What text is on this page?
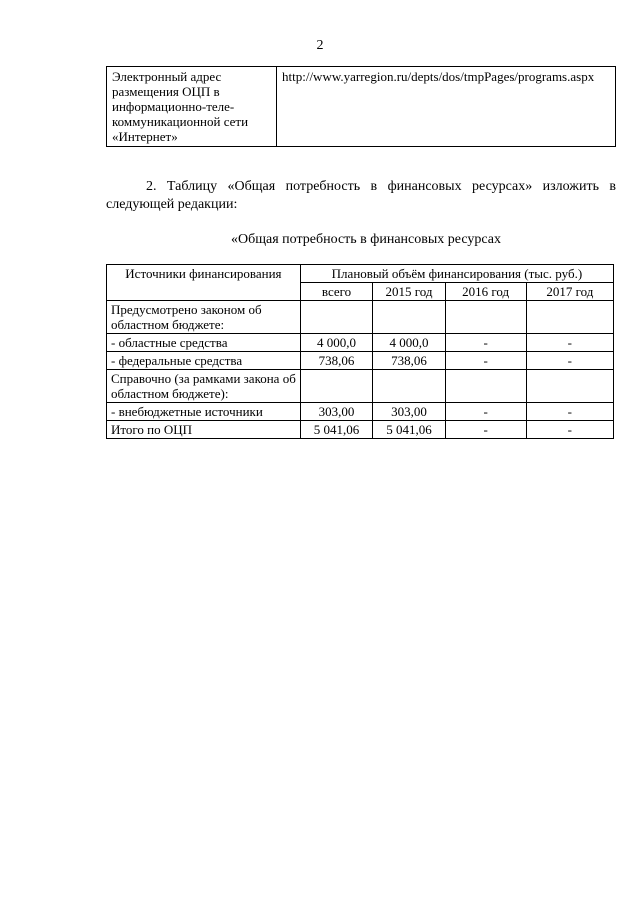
2
Электронный адрес размещения ОЦП в информационно-теле-коммуникационной сети «Интернет»	http://www.yarregion.ru/depts/dos/tmpPages/programs.aspx

2. Таблицу «Общая потребность в финансовых ресурсах» изложить в следующей редакции:

«Общая потребность в финансовых ресурсах

Источники финансирования	Плановый объём финансирования (тыс. руб.)			
	всего	2015 год	2016 год	2017 год
Предусмотрено законом об областном бюджете:				
- областные средства	4 000,0	4 000,0	-	-
- федеральные средства	738,06	738,06	-	-
Справочно (за рамками закона об областном бюджете):				
- внебюджетные источники	303,00	303,00	-	-
Итого по ОЦП	5 041,06	5 041,06	-	-
